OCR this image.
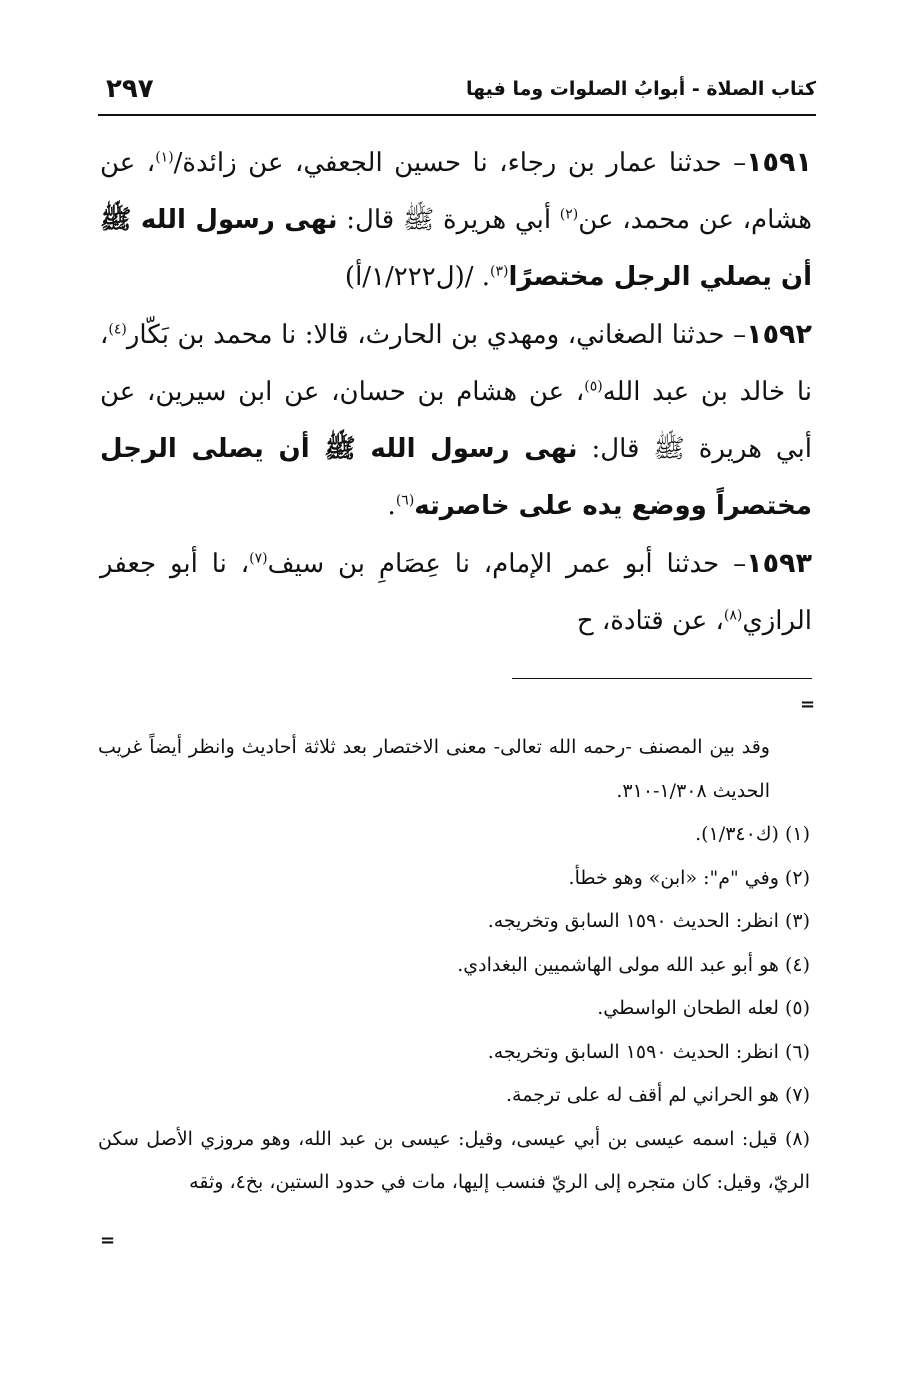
كتاب الصلاة - أبوابُ الصلوات وما فيها
٢٩٧

١٥٩١– حدثنا عمار بن رجاء، نا حسين الجعفي، عن زائدة/$^{(١)}$، عن هشام، عن محمد، عن$^{(٢)}$ أبي هريرة ﷺ قال: نهى رسول الله ﷺ أن يصلي الرجل مختصرًا$^{(٣)}$. /(ل١/٢٢٢/أ)

١٥٩٢– حدثنا الصغاني، ومهدي بن الحارث، قالا: نا محمد بن بَكّار$^{(٤)}$، نا خالد بن عبد الله$^{(٥)}$، عن هشام بن حسان، عن ابن سيرين، عن أبي هريرة ﷺ قال: نهى رسول الله ﷺ أن يصلى الرجل مختصراً ووضع يده على خاصرته$^{(٦)}$.

١٥٩٣– حدثنا أبو عمر الإمام، نا عِصَامِ بن سيف$^{(٧)}$، نا أبو جعفر الرازي$^{(٨)}$، عن قتادة، ح

=

وقد بين المصنف -رحمه الله تعالى- معنى الاختصار بعد ثلاثة أحاديث وانظر أيضاً غريب الحديث ١/٣٠٨-٣١٠.

(١) (ك١/٣٤٠).

(٢) وفي "م": «ابن» وهو خطأ.

(٣) انظر: الحديث ١٥٩٠ السابق وتخريجه.

(٤) هو أبو عبد الله مولى الهاشميين البغدادي.

(٥) لعله الطحان الواسطي.

(٦) انظر: الحديث ١٥٩٠ السابق وتخريجه.

(٧) هو الحراني لم أقف له على ترجمة.

(٨) قيل: اسمه عيسى بن أبي عيسى، وقيل: عيسى بن عبد الله، وهو مروزي الأصل سكن الريّ، وقيل: كان متجره إلى الريّ فنسب إليها، مات في حدود الستين، بخ٤، وثقه

=
